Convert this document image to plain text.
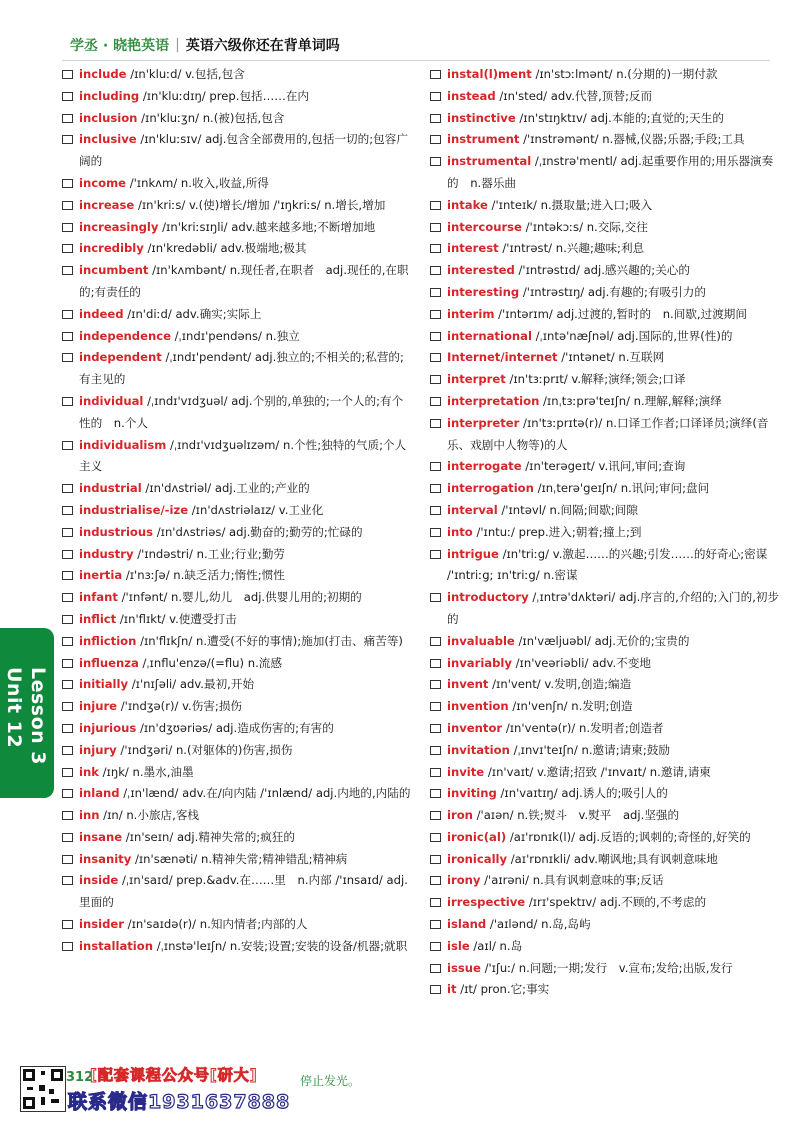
学丞 · 晓艳英语 | 英语六级你还在背单词吗
include /ɪn'kluːd/ v.包括,包含
including /ɪn'kluːdɪŋ/ prep.包括……在内
inclusion /ɪn'kluːʒn/ n.(被)包括,包含
inclusive /ɪn'kluːsɪv/ adj.包含全部费用的,包括一切的;包容广阔的
income /'ɪnkʌm/ n.收入,收益,所得
increase /ɪn'kriːs/ v.(使)增长/增加 /'ɪŋkriːs/ n.增长,增加
increasingly /ɪn'kriːsɪŋli/ adv.越来越多地;不断增加地
incredibly /ɪn'kredəbli/ adv.极端地;极其
incumbent /ɪn'kʌmbənt/ n.现任者,在职者　adj.现任的,在职的;有责任的
indeed /ɪn'diːd/ adv.确实;实际上
independence /ˌɪndɪ'pendəns/ n.独立
independent /ˌɪndɪ'pendənt/ adj.独立的;不相关的;私营的;有主见的
individual /ˌɪndɪ'vɪdʒuəl/ adj.个别的,单独的;一个人的;有个性的　n.个人
individualism /ˌɪndɪ'vɪdʒuəlɪzəm/ n.个性;独特的气质;个人主义
industrial /ɪn'dʌstriəl/ adj.工业的;产业的
industrialise/-ize /ɪn'dʌstriəlaɪz/ v.工业化
industrious /ɪn'dʌstriəs/ adj.勤奋的;勤劳的;忙碌的
industry /'ɪndəstri/ n.工业;行业;勤劳
inertia /ɪ'nɜːʃə/ n.缺乏活力;惰性;惯性
infant /'ɪnfənt/ n.婴儿,幼儿　adj.供婴儿用的;初期的
inflict /ɪn'flɪkt/ v.使遭受打击
infliction /ɪn'flɪkʃn/ n.遭受(不好的事情);施加(打击、痛苦等)
influenza /ˌɪnflu'enzə/(=flu) n.流感
initially /ɪ'nɪʃəli/ adv.最初,开始
injure /'ɪndʒə(r)/ v.伤害;损伤
injurious /ɪn'dʒʊəriəs/ adj.造成伤害的;有害的
injury /'ɪndʒəri/ n.(对躯体的)伤害,损伤
ink /ɪŋk/ n.墨水,油墨
inland /ˌɪn'lænd/ adv.在/向内陆 /'ɪnlænd/ adj.内地的,内陆的
inn /ɪn/ n.小旅店,客栈
insane /ɪn'seɪn/ adj.精神失常的;疯狂的
insanity /ɪn'sænəti/ n.精神失常;精神错乱;精神病
inside /ˌɪn'saɪd/ prep.&adv.在……里　n.内部 /'ɪnsaɪd/ adj.里面的
insider /ɪn'saɪdə(r)/ n.知内情者;内部的人
installation /ˌɪnstə'leɪʃn/ n.安装;设置;安装的设备/机器;就职
instal(l)ment /ɪn'stɔːlmənt/ n.(分期的)一期付款
instead /ɪn'sted/ adv.代替,顶替;反而
instinctive /ɪn'stɪŋktɪv/ adj.本能的;直觉的;天生的
instrument /'ɪnstrəmənt/ n.器械,仪器;乐器;手段;工具
instrumental /ˌɪnstrə'mentl/ adj.起重要作用的;用乐器演奏的　n.器乐曲
intake /'ɪnteɪk/ n.摄取量;进入口;吸入
intercourse /'ɪntəkɔːs/ n.交际,交往
interest /'ɪntrəst/ n.兴趣;趣味;利息
interested /'ɪntrəstɪd/ adj.感兴趣的;关心的
interesting /'ɪntrəstɪŋ/ adj.有趣的;有吸引力的
interim /'ɪntərɪm/ adj.过渡的,暂时的　n.间歇,过渡期间
international /ˌɪntə'næʃnəl/ adj.国际的,世界(性)的
Internet/internet /'ɪntənet/ n.互联网
interpret /ɪn'tɜːprɪt/ v.解释;演绎;领会;口译
interpretation /ɪnˌtɜːprə'teɪʃn/ n.理解,解释;演绎
interpreter /ɪn'tɜːprɪtə(r)/ n.口译工作者;口译译员;演绎(音乐、戏剧中人物等)的人
interrogate /ɪn'terəgeɪt/ v.讯问,审问;查询
interrogation /ɪnˌterə'geɪʃn/ n.讯问;审问;盘问
interval /'ɪntəvl/ n.间隔;间歇;间隙
into /'ɪntuː/ prep.进入;朝着;撞上;到
intrigue /ɪn'triːg/ v.激起……的兴趣;引发……的好奇心;密谋 /'ɪntriːg; ɪn'triːg/ n.密谋
introductory /ˌɪntrə'dʌktəri/ adj.序言的,介绍的;入门的,初步的
invaluable /ɪn'væljuəbl/ adj.无价的;宝贵的
invariably /ɪn'veəriəbli/ adv.不变地
invent /ɪn'vent/ v.发明,创造;编造
invention /ɪn'venʃn/ n.发明;创造
inventor /ɪn'ventə(r)/ n.发明者;创造者
invitation /ˌɪnvɪ'teɪʃn/ n.邀请;请柬;鼓励
invite /ɪn'vaɪt/ v.邀请;招致 /'ɪnvaɪt/ n.邀请,请柬
inviting /ɪn'vaɪtɪŋ/ adj.诱人的;吸引人的
iron /'aɪən/ n.铁;熨斗　v.熨平　adj.坚强的
ironic(al) /aɪ'rɒnɪk(l)/ adj.反语的;讽刺的;奇怪的,好笑的
ironically /aɪ'rɒnɪkli/ adv.嘲讽地;具有讽刺意味地
irony /'aɪrəni/ n.具有讽刺意味的事;反话
irrespective /ɪrɪ'spektɪv/ adj.不顾的,不考虑的
island /'aɪlənd/ n.岛,岛屿
isle /aɪl/ n.岛
issue /'ɪʃuː/ n.问题;一期;发行　v.宣布;发给;出版,发行
it /ɪt/ pron.它;事实
Unit 12 Lesson 3
312
[配套课程公众号[研大]
联系微信1931637888
停止发光。
